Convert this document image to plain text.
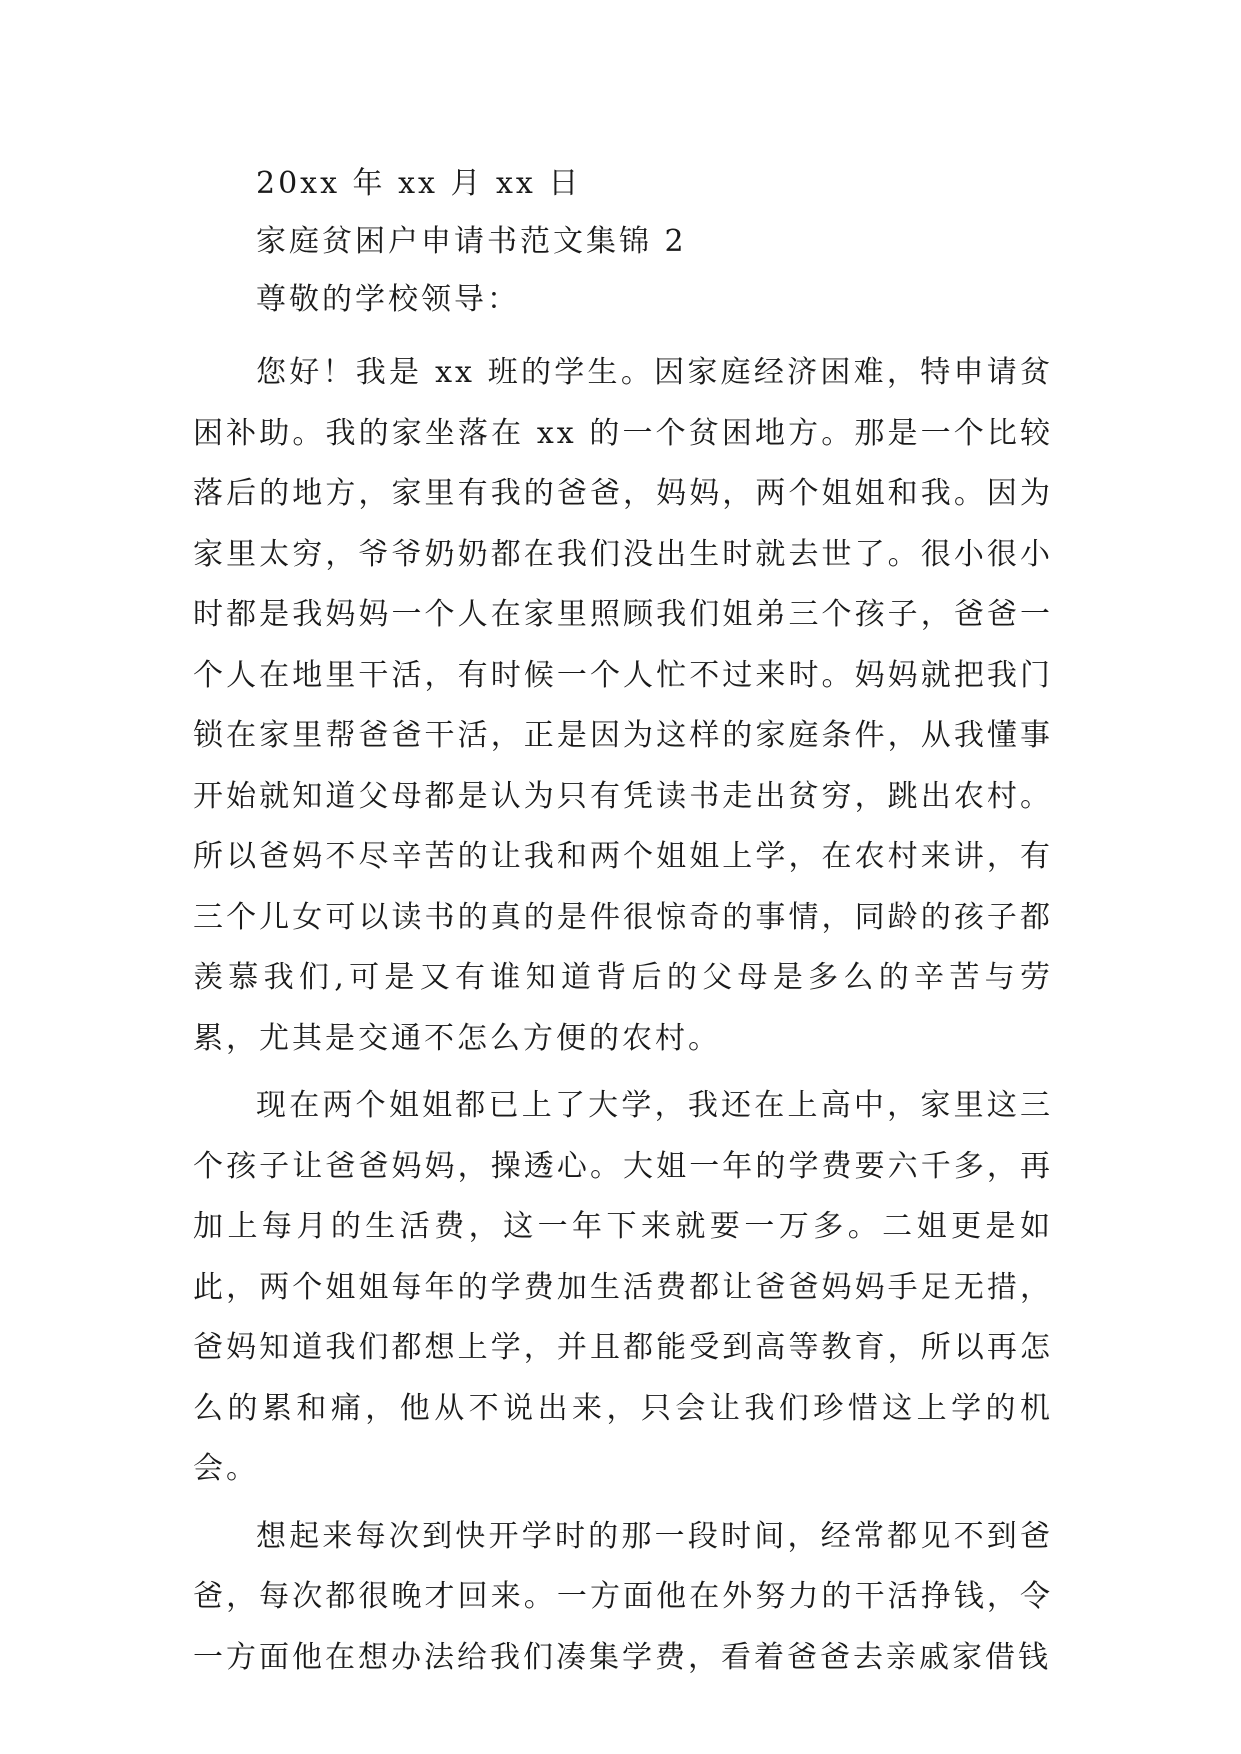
20xx 年 xx 月 xx 日
家庭贫困户申请书范文集锦 2
尊敬的学校领导：

您好！我是 xx 班的学生。因家庭经济困难，特申请贫困补助。我的家坐落在 xx 的一个贫困地方。那是一个比较落后的地方，家里有我的爸爸，妈妈，两个姐姐和我。因为家里太穷，爷爷奶奶都在我们没出生时就去世了。很小很小时都是我妈妈一个人在家里照顾我们姐弟三个孩子，爸爸一个人在地里干活，有时候一个人忙不过来时。妈妈就把我门锁在家里帮爸爸干活，正是因为这样的家庭条件，从我懂事开始就知道父母都是认为只有凭读书走出贫穷，跳出农村。所以爸妈不尽辛苦的让我和两个姐姐上学，在农村来讲，有三个儿女可以读书的真的是件很惊奇的事情，同龄的孩子都羡慕我们,可是又有谁知道背后的父母是多么的辛苦与劳累，尤其是交通不怎么方便的农村。

现在两个姐姐都已上了大学，我还在上高中，家里这三个孩子让爸爸妈妈，操透心。大姐一年的学费要六千多，再加上每月的生活费，这一年下来就要一万多。二姐更是如此，两个姐姐每年的学费加生活费都让爸爸妈妈手足无措，爸妈知道我们都想上学，并且都能受到高等教育，所以再怎么的累和痛，他从不说出来，只会让我们珍惜这上学的机会。

想起来每次到快开学时的那一段时间，经常都见不到爸爸，每次都很晚才回来。一方面他在外努力的干活挣钱，令一方面他在想办法给我们凑集学费，看着爸爸去亲戚家借钱
